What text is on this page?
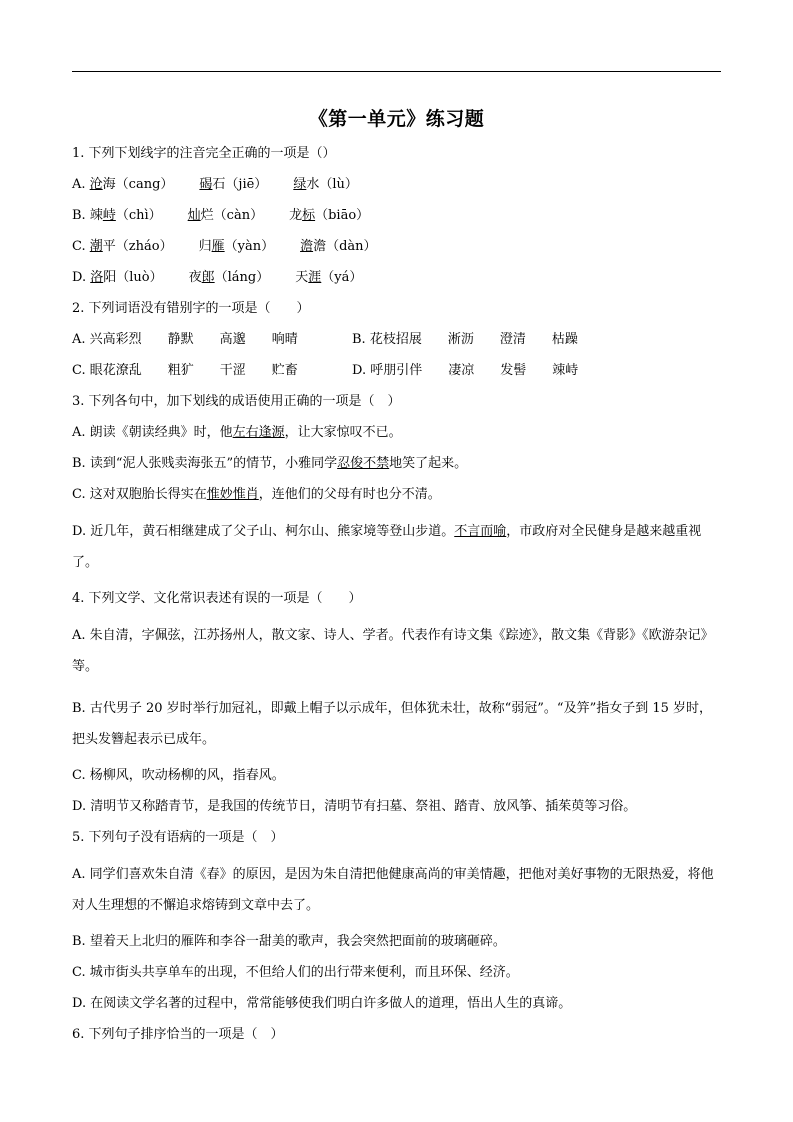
《第一单元》练习题
1. 下列下划线字的注音完全正确的一项是（）
A. 沧海（cang） 碣石（jiē） 绿水（lù）
B. 竦峙（chì） 灿烂（càn） 龙标（biāo）
C. 潮平（zháo） 归雁（yàn） 澹澹（dàn）
D. 洛阳（luò） 夜郎（láng） 天涯（yá）
2. 下列词语没有错别字的一项是（　　）
A. 兴高彩烈 静默 高邈 响晴	B. 花枝招展 淅沥 澄清 枯躁
C. 眼花潦乱 粗犷 干涩 贮畜	D. 呼朋引伴 凄凉 发髻 竦峙
3. 下列各句中，加下划线的成语使用正确的一项是（　）
A. 朗读《朝读经典》时，他左右逢源，让大家惊叹不已。
B. 读到“泥人张贱卖海张五”的情节，小雅同学忍俊不禁地笑了起来。
C. 这对双胞胎长得实在惟妙惟肖，连他们的父母有时也分不清。
D. 近几年，黄石相继建成了父子山、柯尔山、熊家境等登山步道。不言而喻，市政府对全民健身是越来越重视了。
4. 下列文学、文化常识表述有误的一项是（　　）
A. 朱自清，字佩弦，江苏扬州人，散文家、诗人、学者。代表作有诗文集《踪迹》，散文集《背影》《欧游杂记》等。
B. 古代男子 20 岁时举行加冠礼，即戴上帽子以示成年，但体犹未壮，故称“弱冠”。“及笄”指女子到 15 岁时，把头发簪起表示已成年。
C. 杨柳风，吹动杨柳的风，指春风。
D. 清明节又称踏青节，是我国的传统节日，清明节有扫墓、祭祖、踏青、放风筝、插茱萸等习俗。
5. 下列句子没有语病的一项是（　）
A. 同学们喜欢朱自清《春》的原因，是因为朱自清把他健康高尚的审美情趣，把他对美好事物的无限热爱，将他对人生理想的不懈追求熔铸到文章中去了。
B. 望着天上北归的雁阵和李谷一甜美的歌声，我会突然把面前的玻璃砸碎。
C. 城市街头共享单车的出现，不但给人们的出行带来便利，而且环保、经济。
D. 在阅读文学名著的过程中，常常能够使我们明白许多做人的道理，悟出人生的真谛。
6. 下列句子排序恰当的一项是（　）
